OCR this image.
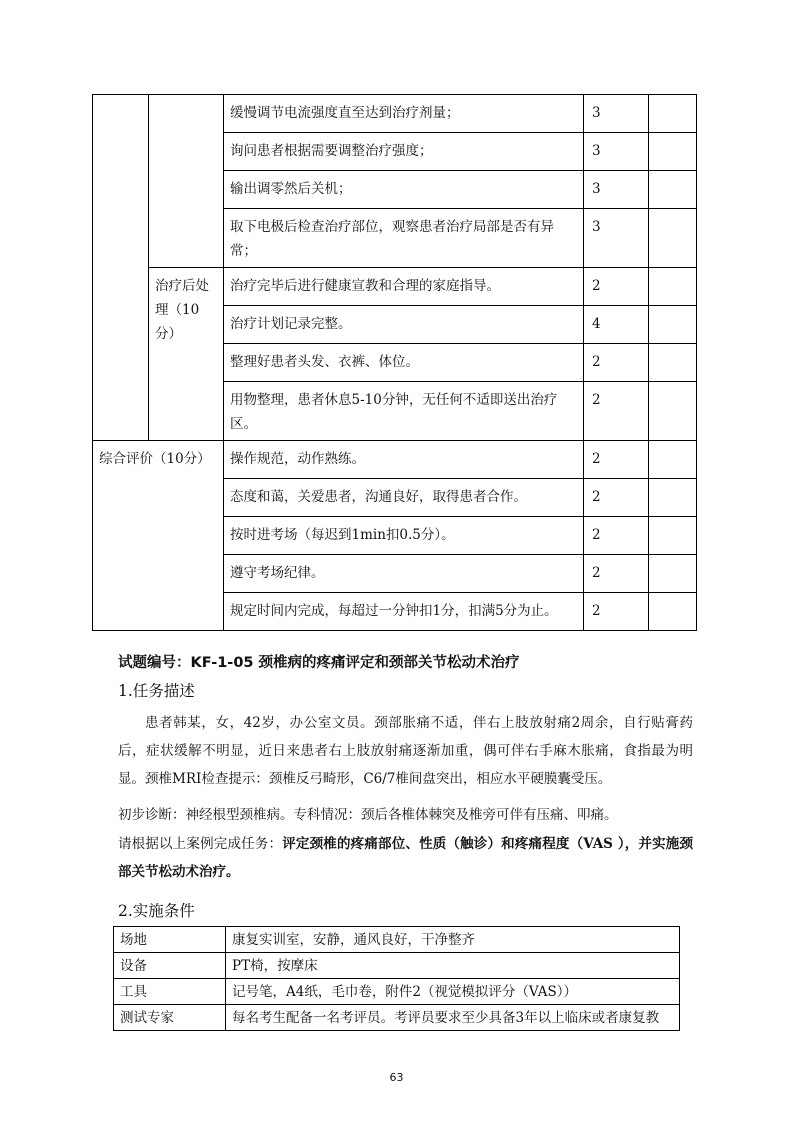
		缓慢调节电流强度直至达到治疗剂量；	3	
		询问患者根据需要调整治疗强度；	3	
		输出调零然后关机；	3	
		取下电极后检查治疗部位，观察患者治疗局部是否有异常；	3	
	治疗后处理（10分）	治疗完毕后进行健康宣教和合理的家庭指导。	2	
		治疗计划记录完整。	4	
		整理好患者头发、衣裤、体位。	2	
		用物整理，患者休息5-10分钟，无任何不适即送出治疗区。	2	
综合评价（10分）		操作规范，动作熟练。	2	
		态度和蔼，关爱患者，沟通良好，取得患者合作。	2	
		按时进考场（每迟到1min扣0.5分）。	2	
		遵守考场纪律。	2	
		规定时间内完成，每超过一分钟扣1分，扣满5分为止。	2	
试题编号：KF-1-05 颈椎病的疼痛评定和颈部关节松动术治疗
1.任务描述
患者韩某，女，42岁，办公室文员。颈部胀痛不适，伴右上肢放射痛2周余，自行贴膏药后，症状缓解不明显，近日来患者右上肢放射痛逐渐加重，偶可伴右手麻木胀痛，食指最为明显。颈椎MRI检查提示：颈椎反弓畸形，C6/7椎间盘突出，相应水平硬膜囊受压。
初步诊断：神经根型颈椎病。专科情况：颈后各椎体棘突及椎旁可伴有压痛、叩痛。
请根据以上案例完成任务：评定颈椎的疼痛部位、性质（触诊）和疼痛程度（VAS ），并实施颈部关节松动术治疗。
2.实施条件
场地	康复实训室，安静，通风良好，干净整齐
设备	PT椅，按摩床
工具	记号笔，A4纸，毛巾卷，附件2（视觉模拟评分（VAS））
测试专家	每名考生配备一名考评员。考评员要求至少具备3年以上临床或者康复教
63
